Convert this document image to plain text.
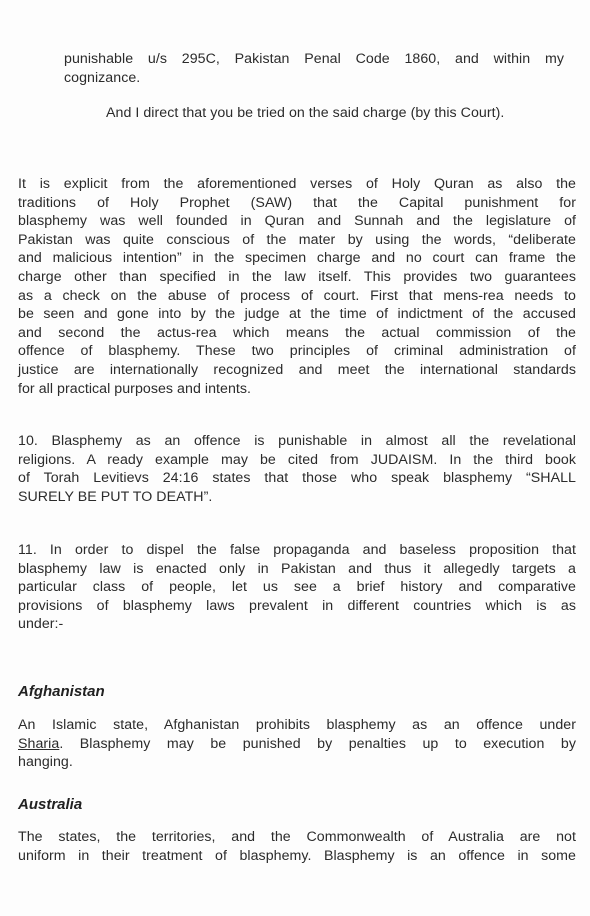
punishable u/s 295C, Pakistan Penal Code 1860, and within my
cognizance.
And I direct that you be tried on the said charge (by this Court).
It is explicit from the aforementioned verses of Holy Quran as also the
traditions of Holy Prophet (SAW) that the Capital punishment for
blasphemy was well founded in Quran and Sunnah and the legislature of
Pakistan was quite conscious of the mater by using the words, “deliberate
and malicious intention” in the specimen charge and no court can frame the
charge other than specified in the law itself. This provides two guarantees
as a check on the abuse of process of court. First that mens-rea needs to
be seen and gone into by the judge at the time of indictment of the accused
and second the actus-rea which means the actual commission of the
offence of blasphemy. These two principles of criminal administration of
justice are internationally recognized and meet the international standards
for all practical purposes and intents.
10. Blasphemy as an offence is punishable in almost all the revelational
religions. A ready example may be cited from JUDAISM. In the third book
of Torah Levitievs 24:16 states that those who speak blasphemy “SHALL
SURELY BE PUT TO DEATH”.
11. In order to dispel the false propaganda and baseless proposition that
blasphemy law is enacted only in Pakistan and thus it allegedly targets a
particular class of people, let us see a brief history and comparative
provisions of blasphemy laws prevalent in different countries which is as
under:-
Afghanistan
An Islamic state, Afghanistan prohibits blasphemy as an offence under
Sharia. Blasphemy may be punished by penalties up to execution by
hanging.
Australia
The states, the territories, and the Commonwealth of Australia are not
uniform in their treatment of blasphemy. Blasphemy is an offence in some
